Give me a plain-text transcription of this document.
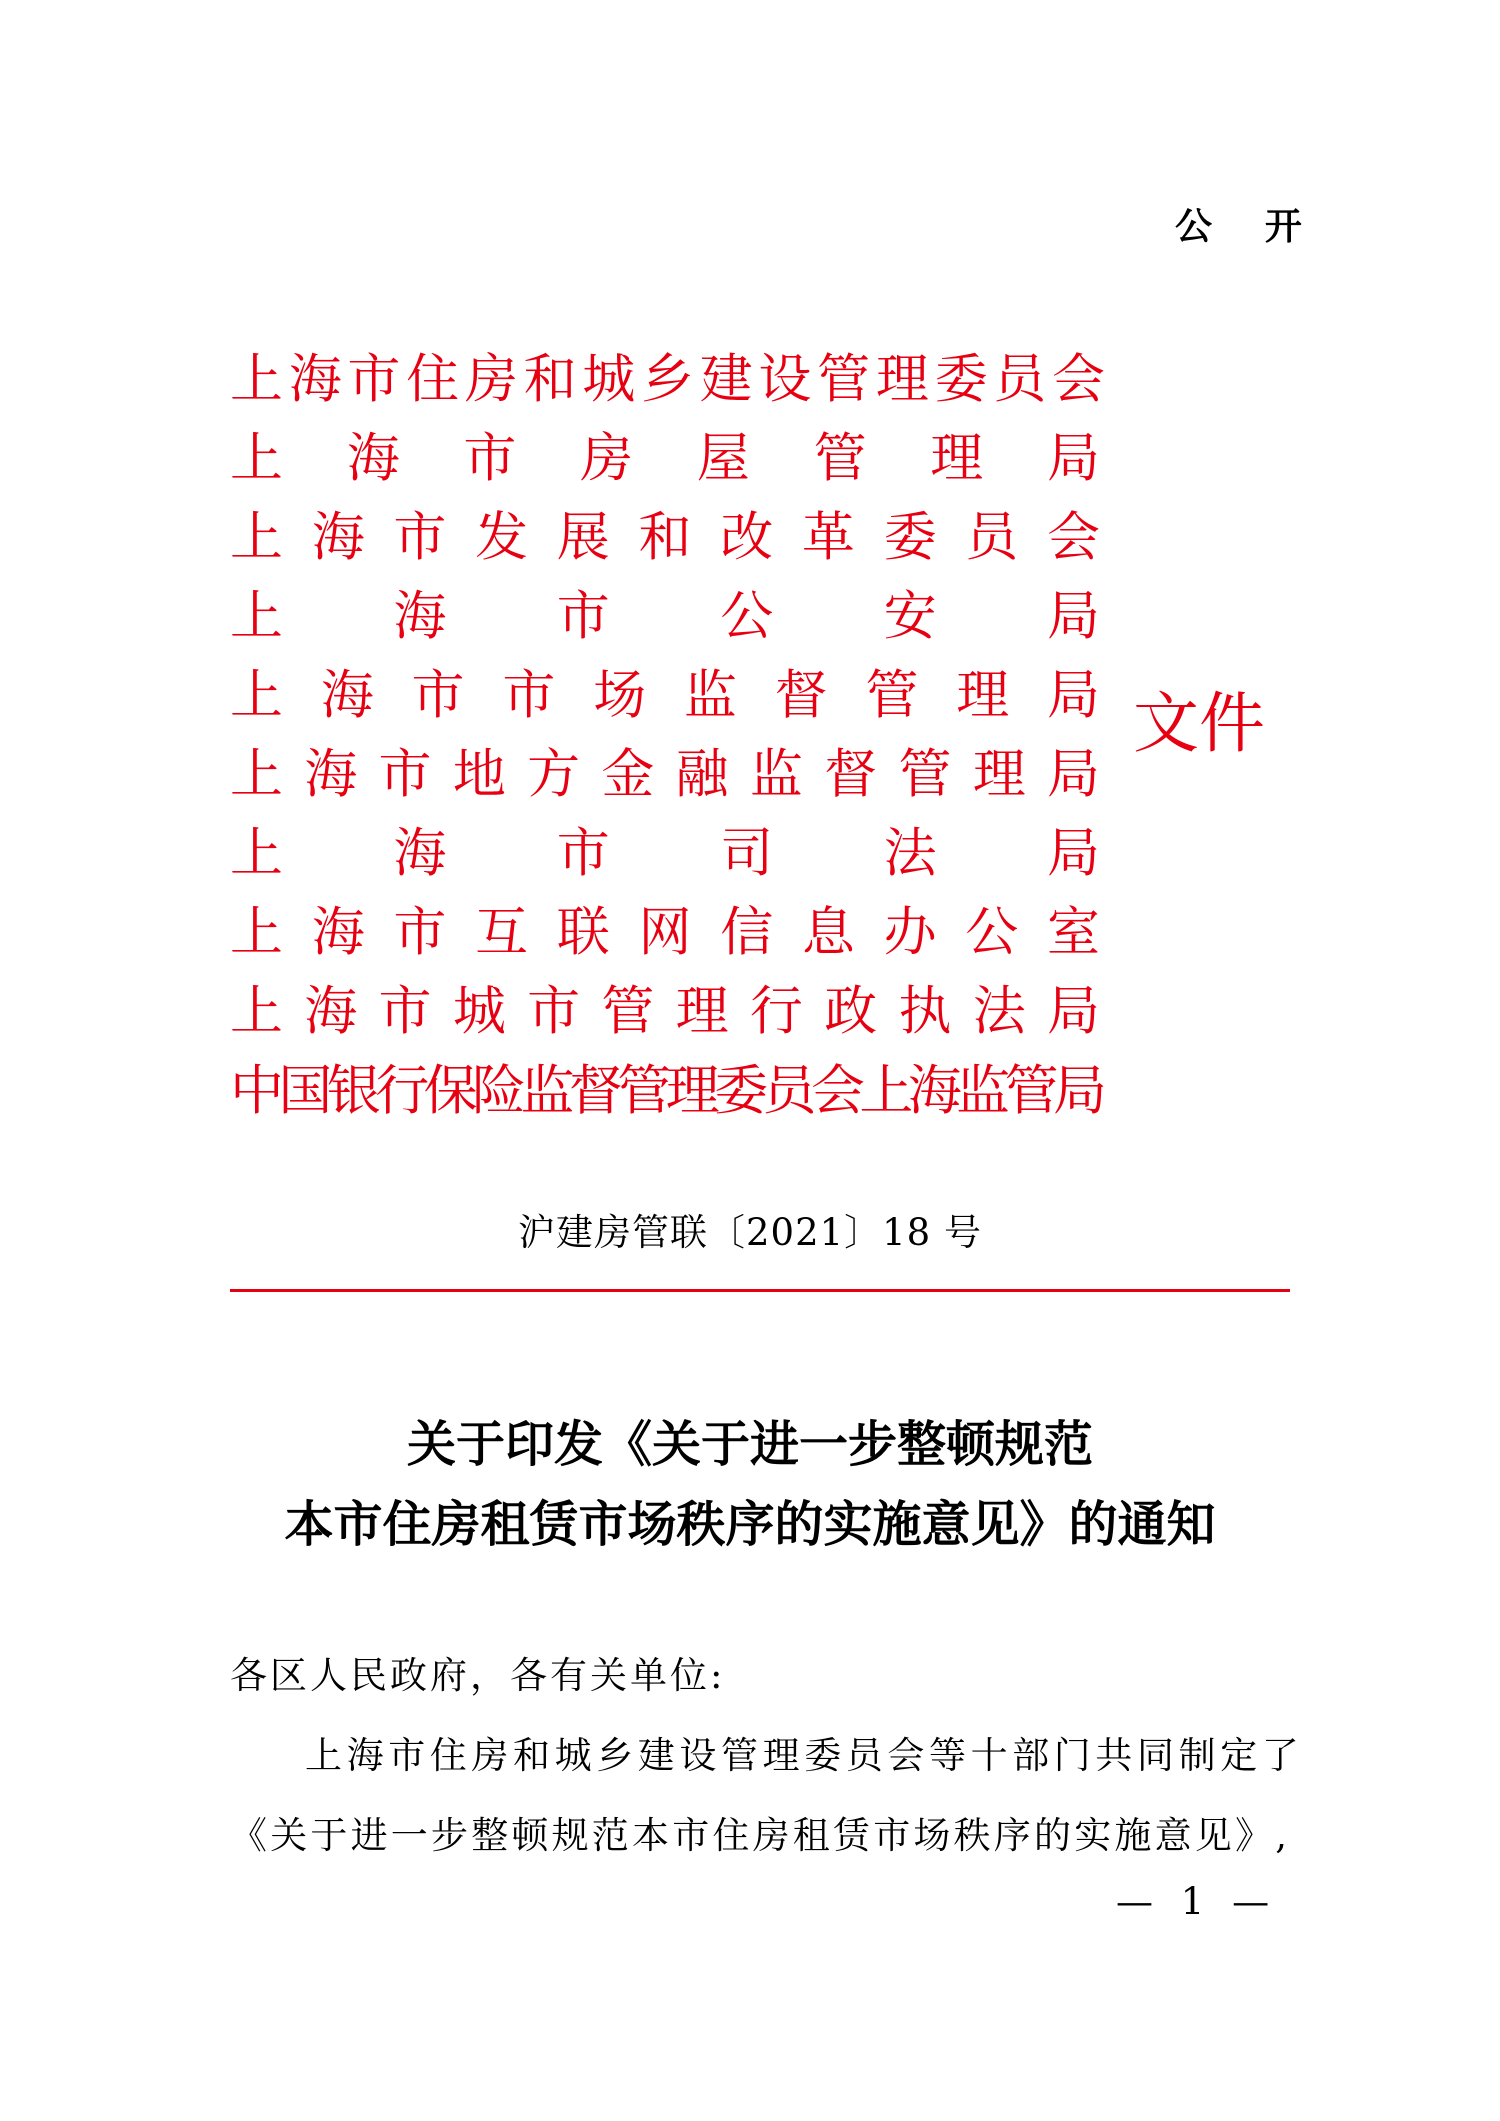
公 开
上海市住房和城乡建设管理委员会
上海市房屋管理局
上海市发展和改革委员会
上海市公安局
上海市市场监督管理局
上海市地方金融监督管理局
上海市司法局
上海市互联网信息办公室
上海市城市管理行政执法局
中国银行保险监督管理委员会上海监管局
文件
沪建房管联〔2021〕18 号
关于印发《关于进一步整顿规范
本市住房租赁市场秩序的实施意见》的通知
各区人民政府，各有关单位:
上海市住房和城乡建设管理委员会等十部门共同制定了
《关于进一步整顿规范本市住房租赁市场秩序的实施意见》,
— 1 —
